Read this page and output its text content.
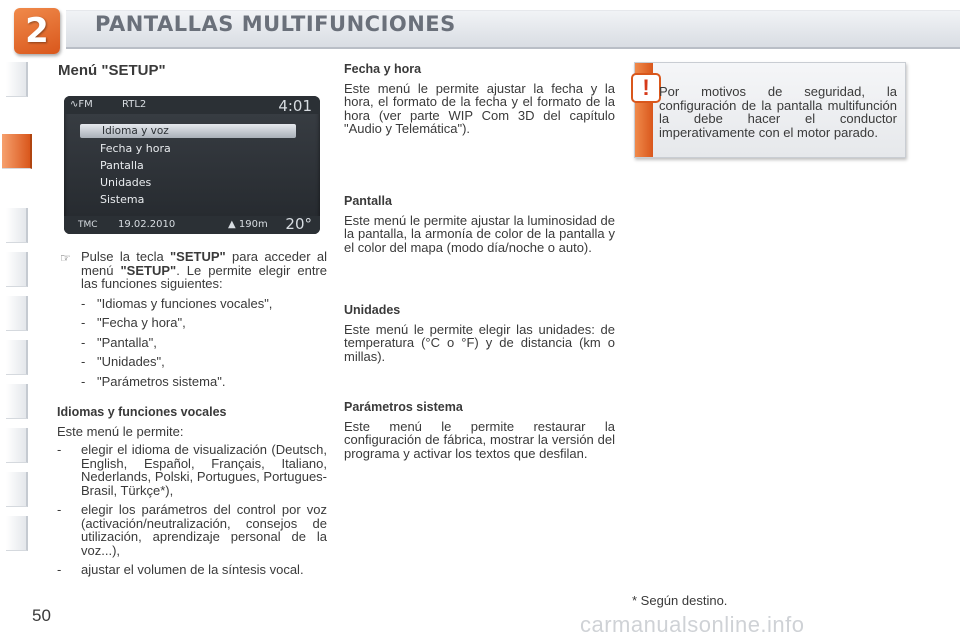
2	PANTALLAS MULTIFUNCIONES
Menú "SETUP"
∿FM	RTL2	4:01
Idioma y voz
Fecha y hora
Pantalla
Unidades
Sistema
TMC 19.02.2010	▲ 190m 20°
☞ Pulse la tecla "SETUP" para acceder al menú "SETUP". Le permite elegir entre las funciones siguientes:

- "Idiomas y funciones vocales",
- "Fecha y hora",
- "Pantalla",
- "Unidades",
- "Parámetros sistema".

Idiomas y funciones vocales

Este menú le permite:

-	elegir el idioma de visualización (Deutsch, English, Español, Français, Italiano, Nederlands, Polski, Portugues, Portugues-Brasil, Türkçe*),
-	elegir los parámetros del control por voz (activación/neutralización, consejos de utilización, aprendizaje personal de la voz...),
-	ajustar el volumen de la síntesis vocal.

Fecha y hora

Este menú le permite ajustar la fecha y la hora, el formato de la fecha y el formato de la hora (ver parte WIP Com 3D del capítulo "Audio y Telemática").

Pantalla

Este menú le permite ajustar la luminosidad de la pantalla, la armonía de color de la pantalla y el color del mapa (modo día/noche o auto).

Unidades

Este menú le permite elegir las unidades: de temperatura (°C o °F) y de distancia (km o millas).

Parámetros sistema

Este menú le permite restaurar la configuración de fábrica, mostrar la versión del programa y activar los textos que desfilan.

! Por motivos de seguridad, la configuración de la pantalla multifunción la debe hacer el conductor imperativamente con el motor parado.
* Según destino.
50	carmanualsonline.info
